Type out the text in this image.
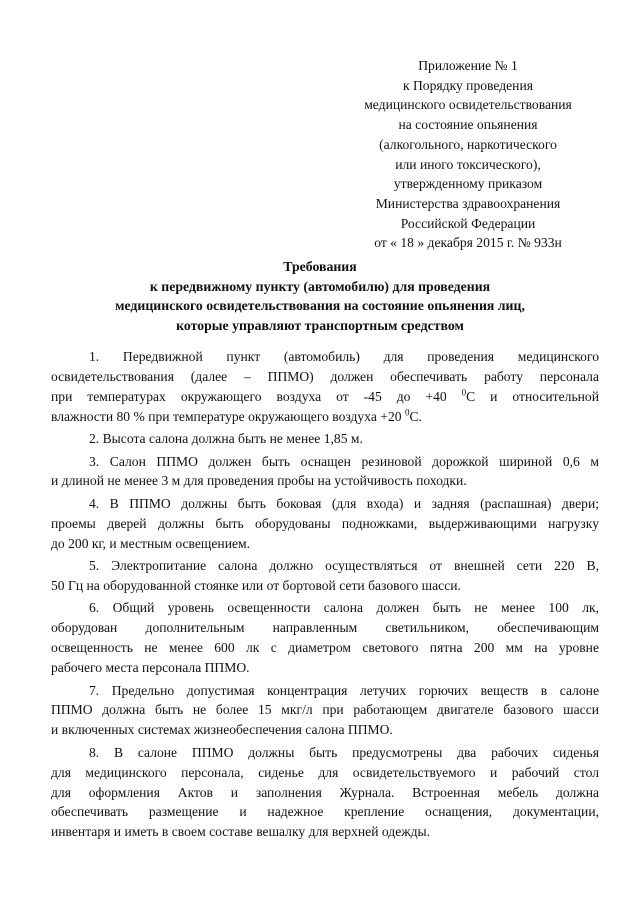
Приложение № 1
к Порядку проведения
медицинского освидетельствования
на состояние опьянения
(алкогольного, наркотического
или иного токсического),
утвержденному приказом
Министерства здравоохранения
Российской Федерации
от « 18 » декабря 2015 г. № 933н
Требования
к передвижному пункту (автомобилю) для проведения
медицинского освидетельствования на состояние опьянения лиц,
которые управляют транспортным средством
1. Передвижной пункт (автомобиль) для проведения медицинского
освидетельствования (далее – ППМО) должен обеспечивать работу персонала
при температурах окружающего воздуха от -45 до +40 $^0$С и относительной
влажности 80 % при температуре окружающего воздуха +20 $^0$С.
2. Высота салона должна быть не менее 1,85 м.
3. Салон ППМО должен быть оснащен резиновой дорожкой шириной 0,6 м
и длиной не менее 3 м для проведения пробы на устойчивость походки.
4. В ППМО должны быть боковая (для входа) и задняя (распашная) двери;
проемы дверей должны быть оборудованы подножками, выдерживающими нагрузку
до 200 кг, и местным освещением.
5. Электропитание салона должно осуществляться от внешней сети 220 В,
50 Гц на оборудованной стоянке или от бортовой сети базового шасси.
6. Общий уровень освещенности салона должен быть не менее 100 лк,
оборудован дополнительным направленным светильником, обеспечивающим
освещенность не менее 600 лк с диаметром светового пятна 200 мм на уровне
рабочего места персонала ППМО.
7. Предельно допустимая концентрация летучих горючих веществ в салоне
ППМО должна быть не более 15 мкг/л при работающем двигателе базового шасси
и включенных системах жизнеобеспечения салона ППМО.
8. В салоне ППМО должны быть предусмотрены два рабочих сиденья
для медицинского персонала, сиденье для освидетельствуемого и рабочий стол
для оформления Актов и заполнения Журнала. Встроенная мебель должна
обеспечивать размещение и надежное крепление оснащения, документации,
инвентаря и иметь в своем составе вешалку для верхней одежды.
